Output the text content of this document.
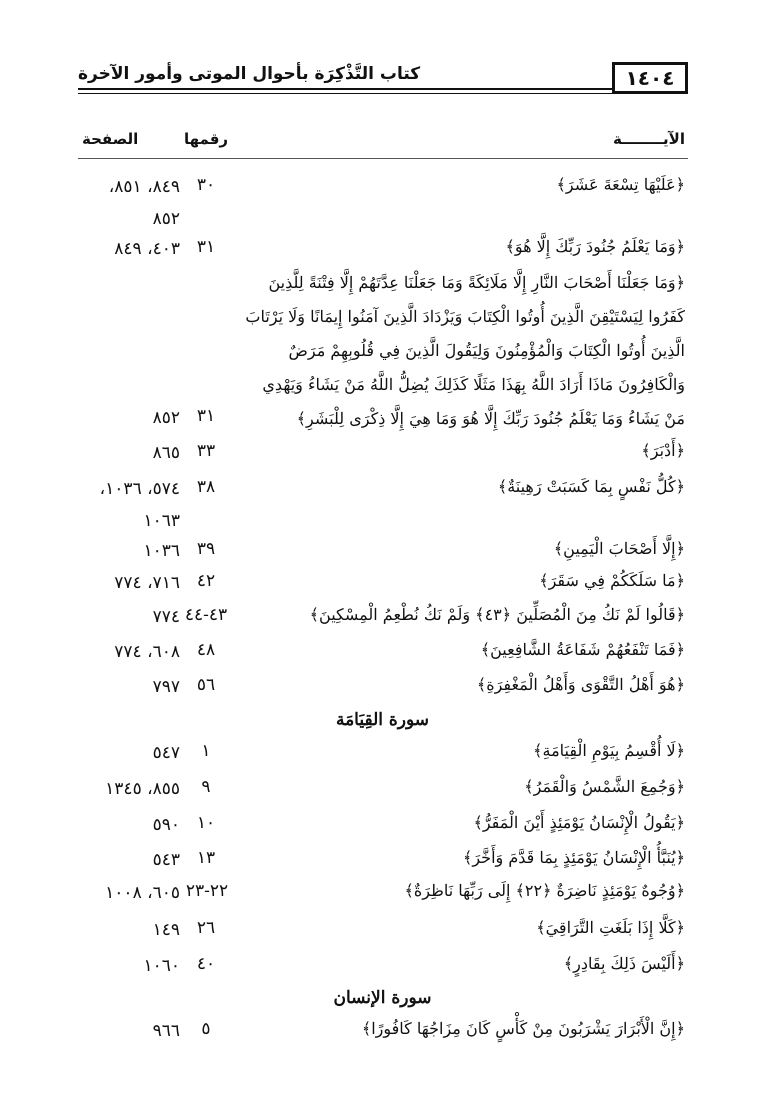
كتاب التَّذْكِرَة بأحوال الموتى وأمور الآخرة	١٤٠٤
الآيــــــــة
رقمها
الصفحة
﴿عَلَيْهَا تِسْعَةَ عَشَرَ﴾
٣٠
٨٤٩، ٨٥١، ٨٥٢
﴿وَمَا يَعْلَمُ جُنُودَ رَبِّكَ إِلَّا هُوَ﴾
٣١
٤٠٣، ٨٤٩
﴿وَمَا جَعَلْنَا أَصْحَابَ النَّارِ إِلَّا مَلَائِكَةً وَمَا جَعَلْنَا عِدَّتَهُمْ إِلَّا فِتْنَةً لِلَّذِينَ كَفَرُوا لِيَسْتَيْقِنَ الَّذِينَ أُوتُوا الْكِتَابَ وَيَزْدَادَ الَّذِينَ آمَنُوا إِيمَانًا وَلَا يَرْتَابَ الَّذِينَ أُوتُوا الْكِتَابَ وَالْمُؤْمِنُونَ وَلِيَقُولَ الَّذِينَ فِي قُلُوبِهِمْ مَرَضٌ وَالْكَافِرُونَ مَاذَا أَرَادَ اللَّهُ بِهَذَا مَثَلًا كَذَلِكَ يُضِلُّ اللَّهُ مَنْ يَشَاءُ وَيَهْدِي مَنْ يَشَاءُ وَمَا يَعْلَمُ جُنُودَ رَبِّكَ إِلَّا هُوَ وَمَا هِيَ إِلَّا ذِكْرَى لِلْبَشَرِ﴾
٣١
٨٥٢
﴿أَدْبَرَ﴾
٣٣
٨٦٥
﴿كُلُّ نَفْسٍ بِمَا كَسَبَتْ رَهِينَةٌ﴾
٣٨
٥٧٤، ١٠٣٦، ١٠٦٣
﴿إِلَّا أَصْحَابَ الْيَمِينِ﴾
٣٩
١٠٣٦
﴿مَا سَلَكَكُمْ فِي سَقَرَ﴾
٤٢
٧١٦، ٧٧٤
﴿قَالُوا لَمْ نَكُ مِنَ الْمُصَلِّينَ ﴿٤٣﴾ وَلَمْ نَكُ نُطْعِمُ الْمِسْكِينَ﴾
٤٣-٤٤
٧٧٤
﴿فَمَا تَنْفَعُهُمْ شَفَاعَةُ الشَّافِعِينَ﴾
٤٨
٦٠٨، ٧٧٤
﴿هُوَ أَهْلُ التَّقْوَى وَأَهْلُ الْمَغْفِرَةِ﴾
٥٦
٧٩٧
سورة القِيَامَة
﴿لَا أُقْسِمُ بِيَوْمِ الْقِيَامَةِ﴾
١
٥٤٧
﴿وَجُمِعَ الشَّمْسُ وَالْقَمَرُ﴾
٩
٨٥٥، ١٣٤٥
﴿يَقُولُ الْإِنْسَانُ يَوْمَئِذٍ أَيْنَ الْمَفَرُّ﴾
١٠
٥٩٠
﴿يُنَبَّأُ الْإِنْسَانُ يَوْمَئِذٍ بِمَا قَدَّمَ وَأَخَّرَ﴾
١٣
٥٤٣
﴿وُجُوهٌ يَوْمَئِذٍ نَاضِرَةٌ ﴿٢٢﴾ إِلَى رَبِّهَا نَاظِرَةٌ﴾
٢٢-٢٣
٦٠٥، ١٠٠٨
﴿كَلَّا إِذَا بَلَغَتِ التَّرَاقِيَ﴾
٢٦
١٤٩
﴿أَلَيْسَ ذَلِكَ بِقَادِرٍ﴾
٤٠
١٠٦٠
سورة الإنسان
﴿إِنَّ الْأَبْرَارَ يَشْرَبُونَ مِنْ كَأْسٍ كَانَ مِزَاجُهَا كَافُورًا﴾
٥
٩٦٦
